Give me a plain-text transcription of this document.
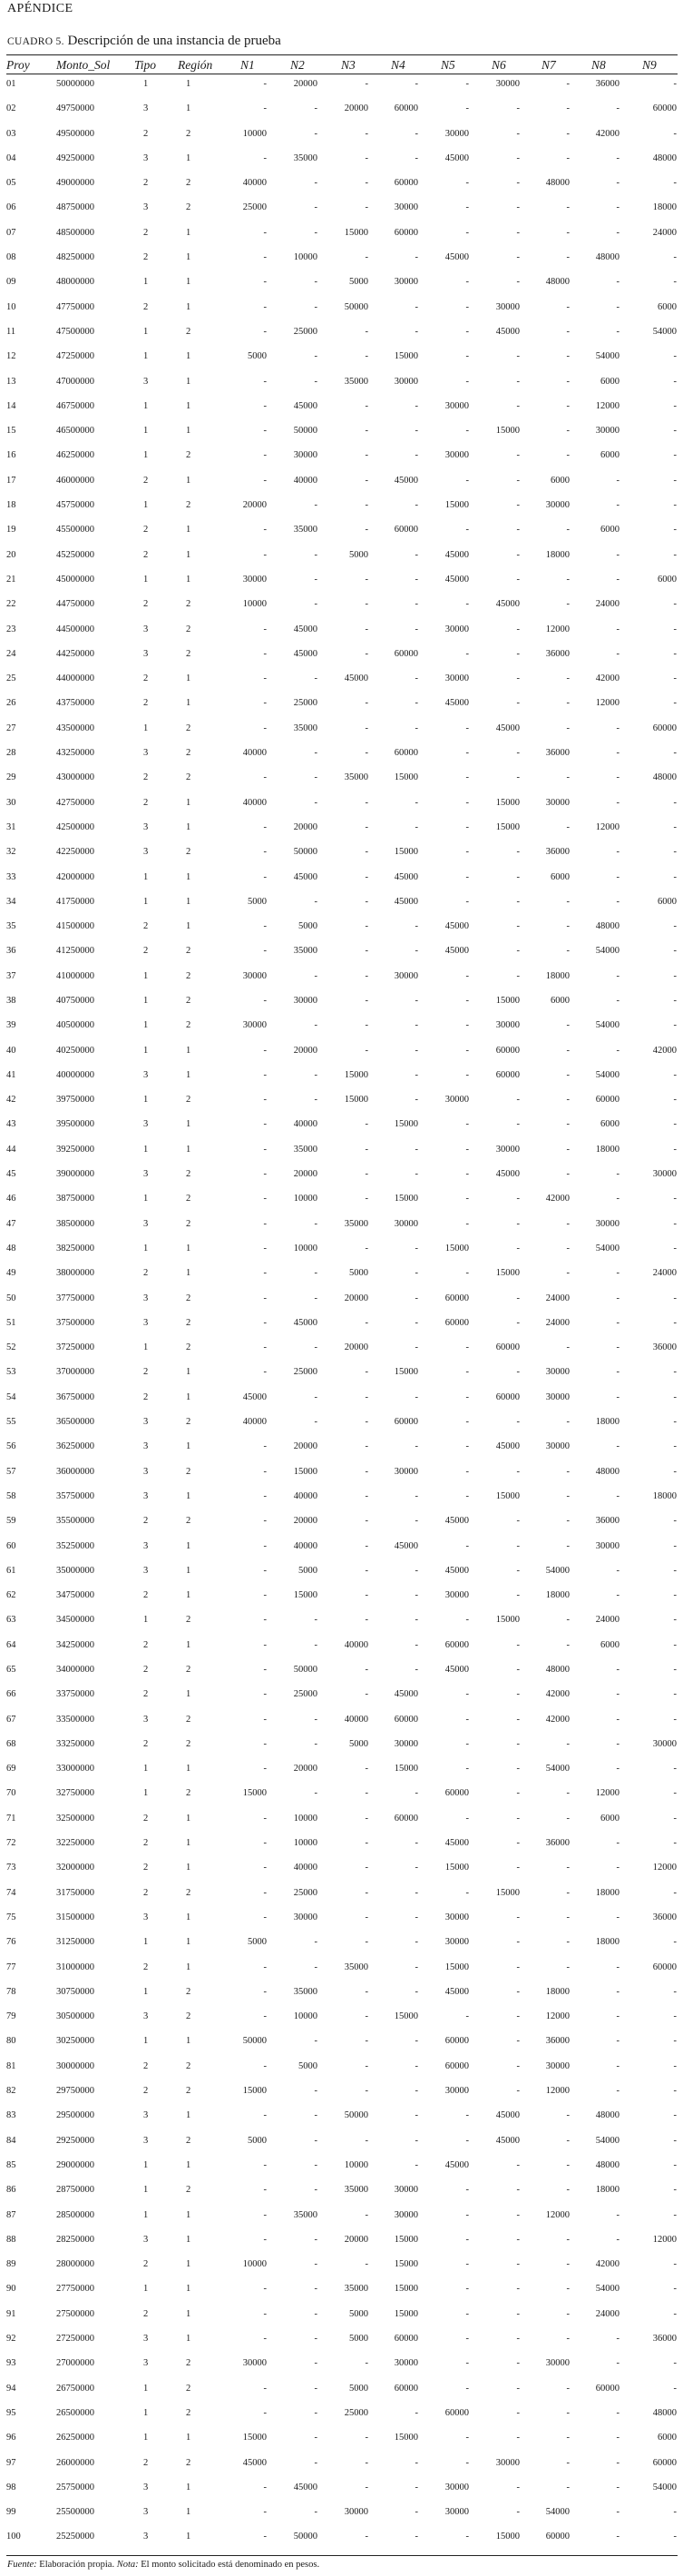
APÉNDICE
CUADRO 5. Descripción de una instancia de prueba
Proy Monto_Sol Tipo Región N1	N2	N3	N4	N5	N6	N7	N8	N9
01	50000000	1	1	-	20000	-	-	-	30000	-	36000	-
02	49750000	3	1	-	-	20000	60000	-	-	-	-	60000
03	49500000	2	2	10000	-	-	-	30000	-	-	42000	-
04	49250000	3	1	-	35000	-	-	45000	-	-	-	48000
05	49000000	2	2	40000	-	-	60000	-	-	48000	-	-
06	48750000	3	2	25000	-	-	30000	-	-	-	-	18000
07	48500000	2	1	-	-	15000	60000	-	-	-	-	24000
08	48250000	2	1	-	10000	-	-	45000	-	-	48000	-
09	48000000	1	1	-	-	5000	30000	-	-	48000	-	-
10	47750000	2	1	-	-	50000	-	-	30000	-	-	6000
11	47500000	1	2	-	25000	-	-	-	45000	-	-	54000
12	47250000	1	1	5000	-	-	15000	-	-	-	54000	-
13	47000000	3	1	-	-	35000	30000	-	-	-	6000	-
14	46750000	1	1	-	45000	-	-	30000	-	-	12000	-
15	46500000	1	1	-	50000	-	-	-	15000	-	30000	-
16	46250000	1	2	-	30000	-	-	30000	-	-	6000	-
17	46000000	2	1	-	40000	-	45000	-	-	6000	-	-
18	45750000	1	2	20000	-	-	-	15000	-	30000	-	-
19	45500000	2	1	-	35000	-	60000	-	-	-	6000	-
20	45250000	2	1	-	-	5000	-	45000	-	18000	-	-
21	45000000	1	1	30000	-	-	-	45000	-	-	-	6000
22	44750000	2	2	10000	-	-	-	-	45000	-	24000	-
23	44500000	3	2	-	45000	-	-	30000	-	12000	-	-
24	44250000	3	2	-	45000	-	60000	-	-	36000	-	-
25	44000000	2	1	-	-	45000	-	30000	-	-	42000	-
26	43750000	2	1	-	25000	-	-	45000	-	-	12000	-
27	43500000	1	2	-	35000	-	-	-	45000	-	-	60000
28	43250000	3	2	40000	-	-	60000	-	-	36000	-	-
29	43000000	2	2	-	-	35000	15000	-	-	-	-	48000
30	42750000	2	1	40000	-	-	-	-	15000	30000	-	-
31	42500000	3	1	-	20000	-	-	-	15000	-	12000	-
32	42250000	3	2	-	50000	-	15000	-	-	36000	-	-
33	42000000	1	1	-	45000	-	45000	-	-	6000	-	-
34	41750000	1	1	5000	-	-	45000	-	-	-	-	6000
35	41500000	2	1	-	5000	-	-	45000	-	-	48000	-
36	41250000	2	2	-	35000	-	-	45000	-	-	54000	-
37	41000000	1	2	30000	-	-	30000	-	-	18000	-	-
38	40750000	1	2	-	30000	-	-	-	15000	6000	-	-
39	40500000	1	2	30000	-	-	-	-	30000	-	54000	-
40	40250000	1	1	-	20000	-	-	-	60000	-	-	42000
41	40000000	3	1	-	-	15000	-	-	60000	-	54000	-
42	39750000	1	2	-	-	15000	-	30000	-	-	60000	-
43	39500000	3	1	-	40000	-	15000	-	-	-	6000	-
44	39250000	1	1	-	35000	-	-	-	30000	-	18000	-
45	39000000	3	2	-	20000	-	-	-	45000	-	-	30000
46	38750000	1	2	-	10000	-	15000	-	-	42000	-	-
47	38500000	3	2	-	-	35000	30000	-	-	-	30000	-
48	38250000	1	1	-	10000	-	-	15000	-	-	54000	-
49	38000000	2	1	-	-	5000	-	-	15000	-	-	24000
50	37750000	3	2	-	-	20000	-	60000	-	24000	-	-
51	37500000	3	2	-	45000	-	-	60000	-	24000	-	-
52	37250000	1	2	-	-	20000	-	-	60000	-	-	36000
53	37000000	2	1	-	25000	-	15000	-	-	30000	-	-
54	36750000	2	1	45000	-	-	-	-	60000	30000	-	-
55	36500000	3	2	40000	-	-	60000	-	-	-	18000	-
56	36250000	3	1	-	20000	-	-	-	45000	30000	-	-
57	36000000	3	2	-	15000	-	30000	-	-	-	48000	-
58	35750000	3	1	-	40000	-	-	-	15000	-	-	18000
59	35500000	2	2	-	20000	-	-	45000	-	-	36000	-
60	35250000	3	1	-	40000	-	45000	-	-	-	30000	-
61	35000000	3	1	-	5000	-	-	45000	-	54000	-	-
62	34750000	2	1	-	15000	-	-	30000	-	18000	-	-
63	34500000	1	2	-	-	-	-	-	15000	-	24000	-
64	34250000	2	1	-	-	40000	-	60000	-	-	6000	-
65	34000000	2	2	-	50000	-	-	45000	-	48000	-	-
66	33750000	2	1	-	25000	-	45000	-	-	42000	-	-
67	33500000	3	2	-	-	40000	60000	-	-	42000	-	-
68	33250000	2	2	-	-	5000	30000	-	-	-	-	30000
69	33000000	1	1	-	20000	-	15000	-	-	54000	-	-
70	32750000	1	2	15000	-	-	-	60000	-	-	12000	-
71	32500000	2	1	-	10000	-	60000	-	-	-	6000	-
72	32250000	2	1	-	10000	-	-	45000	-	36000	-	-
73	32000000	2	1	-	40000	-	-	15000	-	-	-	12000
74	31750000	2	2	-	25000	-	-	-	15000	-	18000	-
75	31500000	3	1	-	30000	-	-	30000	-	-	-	36000
76	31250000	1	1	5000	-	-	-	30000	-	-	18000	-
77	31000000	2	1	-	-	35000	-	15000	-	-	-	60000
78	30750000	1	2	-	35000	-	-	45000	-	18000	-	-
79	30500000	3	2	-	10000	-	15000	-	-	12000	-	-
80	30250000	1	1	50000	-	-	-	60000	-	36000	-	-
81	30000000	2	2	-	5000	-	-	60000	-	30000	-	-
82	29750000	2	2	15000	-	-	-	30000	-	12000	-	-
83	29500000	3	1	-	-	50000	-	-	45000	-	48000	-
84	29250000	3	2	5000	-	-	-	-	45000	-	54000	-
85	29000000	1	1	-	-	10000	-	45000	-	-	48000	-
86	28750000	1	2	-	-	35000	30000	-	-	-	18000	-
87	28500000	1	1	-	35000	-	30000	-	-	12000	-	-
88	28250000	3	1	-	-	20000	15000	-	-	-	-	12000
89	28000000	2	1	10000	-	-	15000	-	-	-	42000	-
90	27750000	1	1	-	-	35000	15000	-	-	-	54000	-
91	27500000	2	1	-	-	5000	15000	-	-	-	24000	-
92	27250000	3	1	-	-	5000	60000	-	-	-	-	36000
93	27000000	3	2	30000	-	-	30000	-	-	30000	-	-
94	26750000	1	2	-	-	5000	60000	-	-	-	60000	-
95	26500000	1	2	-	-	25000	-	60000	-	-	-	48000
96	26250000	1	1	15000	-	-	15000	-	-	-	-	6000
97	26000000	2	2	45000	-	-	-	-	30000	-	-	60000
98	25750000	3	1	-	45000	-	-	30000	-	-	-	54000
99	25500000	3	1	-	-	30000	-	30000	-	54000	-	-
100	25250000	3	1	-	50000	-	-	-	15000	60000	-	-
Fuente: Elaboración propia. Nota: El monto solicitado está denominado en pesos.
